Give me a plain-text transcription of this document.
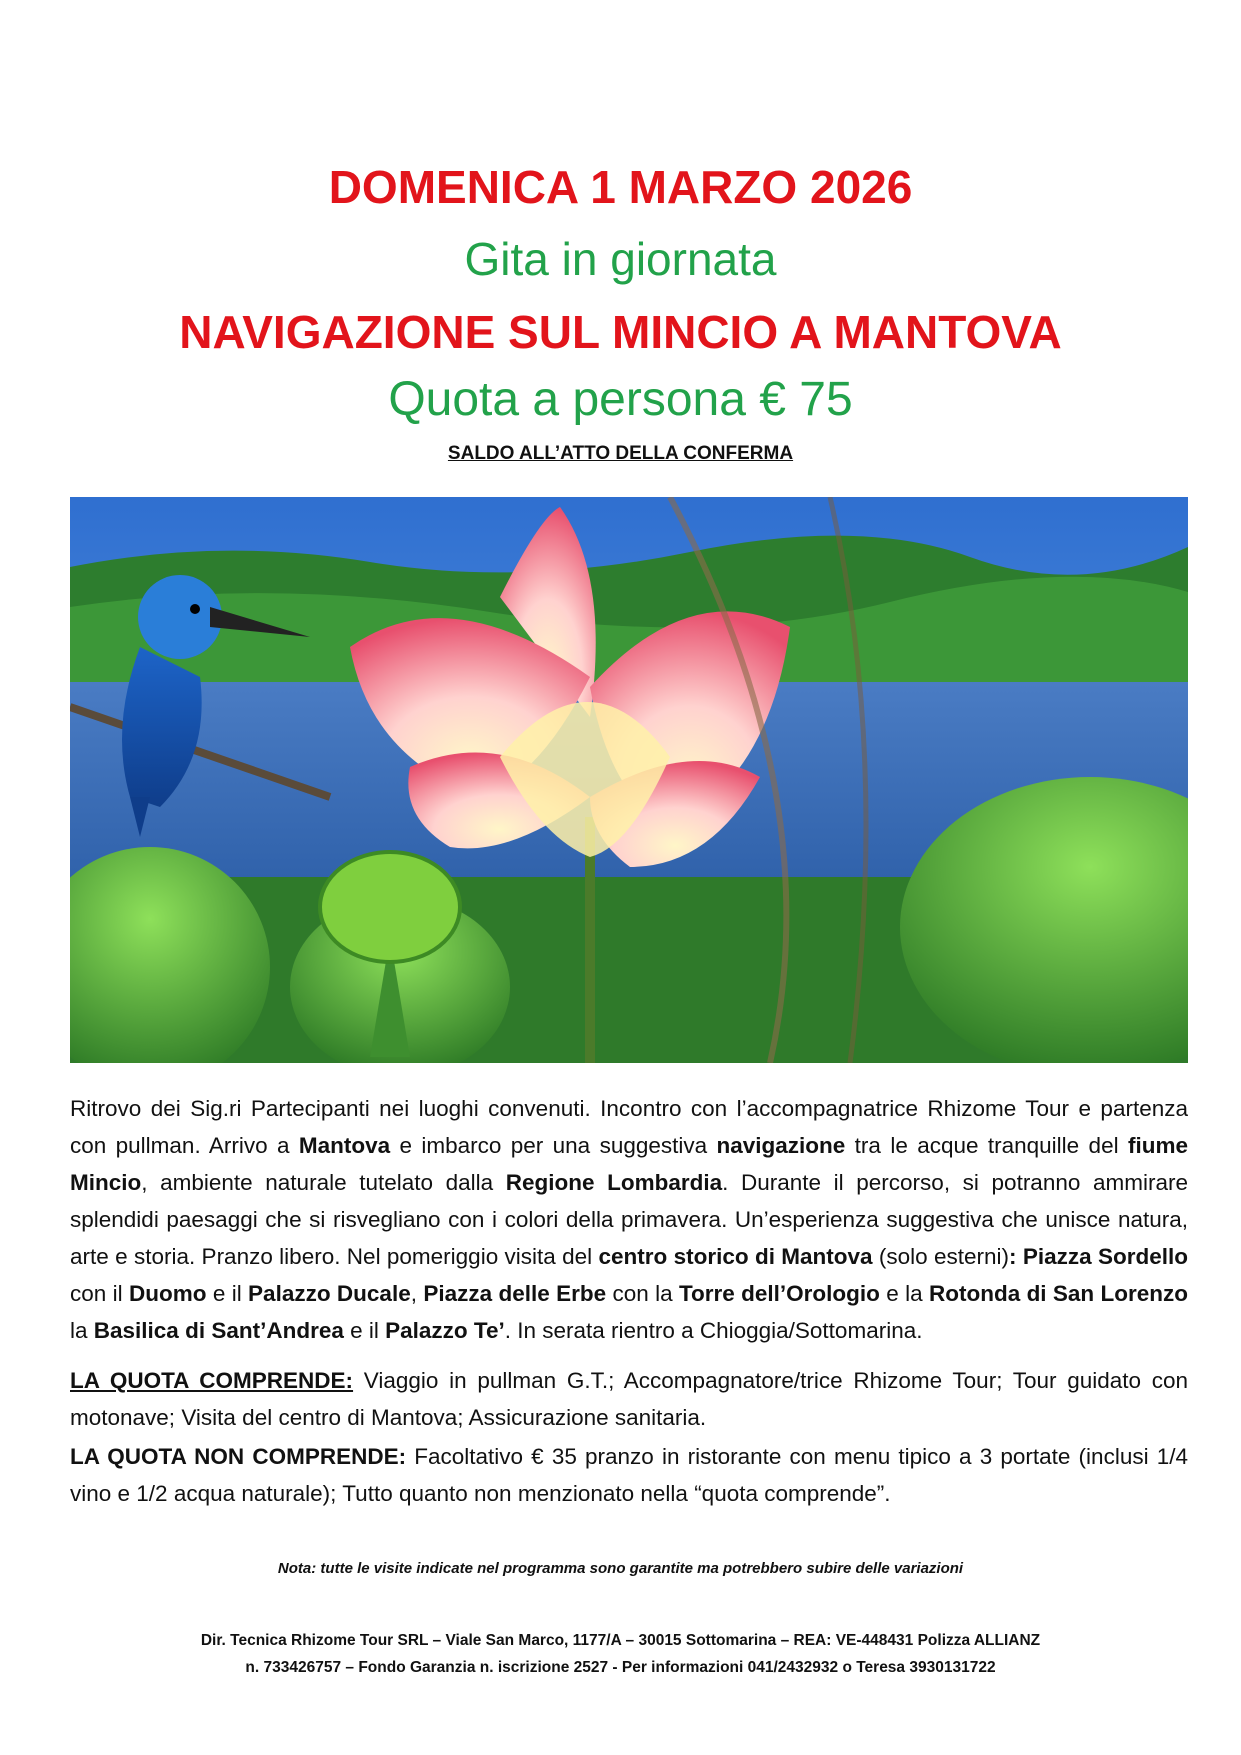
DOMENICA 1 MARZO 2026
Gita in giornata
NAVIGAZIONE SUL MINCIO A MANTOVA
Quota a persona € 75
SALDO ALL’ATTO DELLA CONFERMA

Ritrovo dei Sig.ri Partecipanti nei luoghi convenuti. Incontro con l’accompagnatrice Rhizome Tour e partenza con pullman. Arrivo a Mantova e imbarco per una suggestiva navigazione tra le acque tranquille del fiume Mincio, ambiente naturale tutelato dalla Regione Lombardia. Durante il percorso, si potranno ammirare splendidi paesaggi che si risvegliano con i colori della primavera. Un’esperienza suggestiva che unisce natura, arte e storia. Pranzo libero. Nel pomeriggio visita del centro storico di Mantova (solo esterni): Piazza Sordello con il Duomo e il Palazzo Ducale, Piazza delle Erbe con la Torre dell’Orologio e la Rotonda di San Lorenzo la Basilica di Sant’Andrea e il Palazzo Te’. In serata rientro a Chioggia/Sottomarina.

LA QUOTA COMPRENDE: Viaggio in pullman G.T.; Accompagnatore/trice Rhizome Tour; Tour guidato con motonave; Visita del centro di Mantova; Assicurazione sanitaria.

LA QUOTA NON COMPRENDE: Facoltativo € 35 pranzo in ristorante con menu tipico a 3 portate (inclusi 1/4 vino e 1/2 acqua naturale); Tutto quanto non menzionato nella “quota comprende”.

Nota: tutte le visite indicate nel programma sono garantite ma potrebbero subire delle variazioni
Dir. Tecnica Rhizome Tour SRL – Viale San Marco, 1177/A – 30015 Sottomarina – REA: VE-448431 Polizza ALLIANZ
n. 733426757 – Fondo Garanzia n. iscrizione 2527 - Per informazioni 041/2432932 o Teresa 3930131722
